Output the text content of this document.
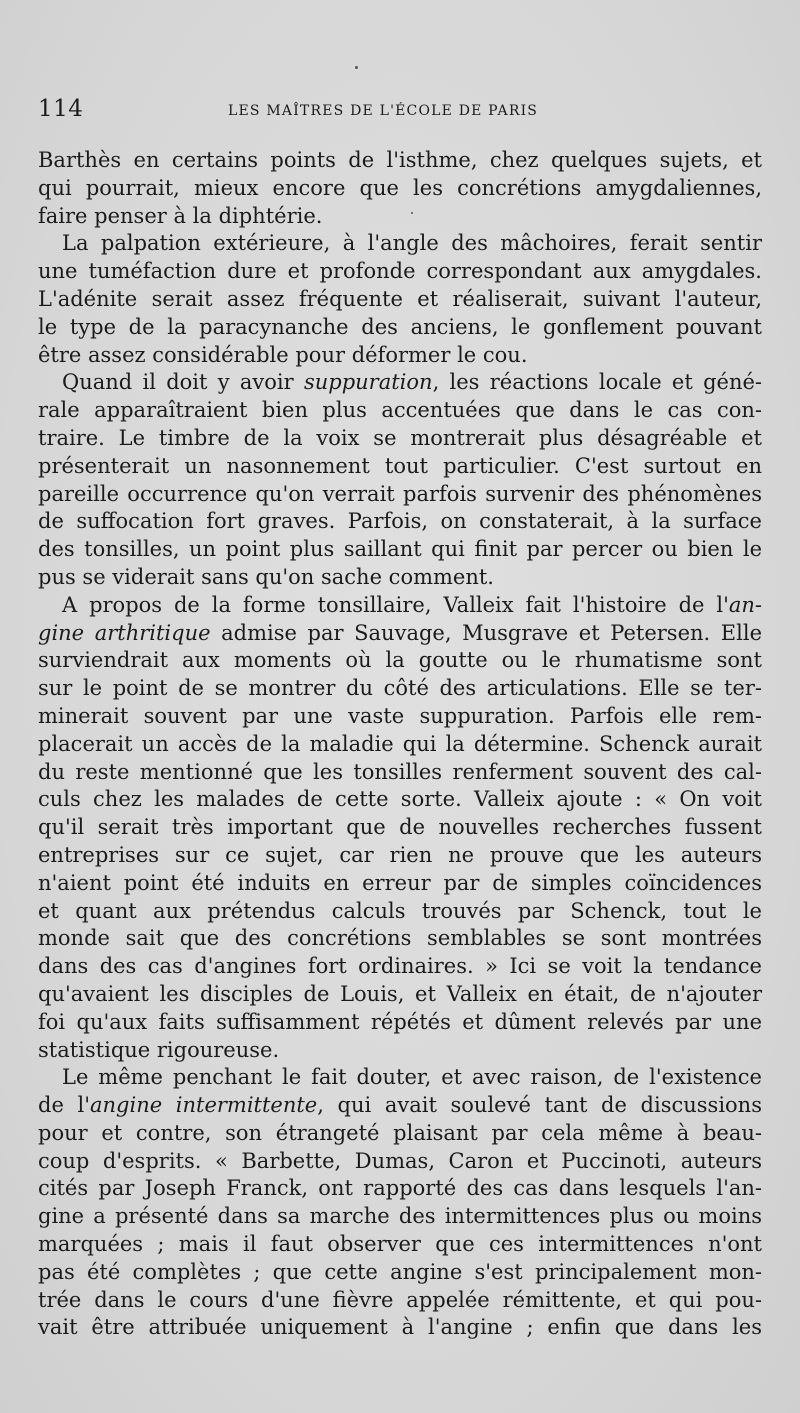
114	LES MAÎTRES DE L'ÉCOLE DE PARIS
Barthès en certains points de l'isthme, chez quelques sujets, et
qui pourrait, mieux encore que les concrétions amygdaliennes,
faire penser à la diphtérie.
La palpation extérieure, à l'angle des mâchoires, ferait sentir
une tuméfaction dure et profonde correspondant aux amygdales.
L'adénite serait assez fréquente et réaliserait, suivant l'auteur,
le type de la paracynanche des anciens, le gonflement pouvant
être assez considérable pour déformer le cou.
Quand il doit y avoir suppuration, les réactions locale et géné-
rale apparaîtraient bien plus accentuées que dans le cas con-
traire. Le timbre de la voix se montrerait plus désagréable et
présenterait un nasonnement tout particulier. C'est surtout en
pareille occurrence qu'on verrait parfois survenir des phénomènes
de suffocation fort graves. Parfois, on constaterait, à la surface
des tonsilles, un point plus saillant qui finit par percer ou bien le
pus se viderait sans qu'on sache comment.
A propos de la forme tonsillaire, Valleix fait l'histoire de l'an-
gine arthritique admise par Sauvage, Musgrave et Petersen. Elle
surviendrait aux moments où la goutte ou le rhumatisme sont
sur le point de se montrer du côté des articulations. Elle se ter-
minerait souvent par une vaste suppuration. Parfois elle rem-
placerait un accès de la maladie qui la détermine. Schenck aurait
du reste mentionné que les tonsilles renferment souvent des cal-
culs chez les malades de cette sorte. Valleix ajoute : « On voit
qu'il serait très important que de nouvelles recherches fussent
entreprises sur ce sujet, car rien ne prouve que les auteurs
n'aient point été induits en erreur par de simples coïncidences
et quant aux prétendus calculs trouvés par Schenck, tout le
monde sait que des concrétions semblables se sont montrées
dans des cas d'angines fort ordinaires. » Ici se voit la tendance
qu'avaient les disciples de Louis, et Valleix en était, de n'ajouter
foi qu'aux faits suffisamment répétés et dûment relevés par une
statistique rigoureuse.
Le même penchant le fait douter, et avec raison, de l'existence
de l'angine intermittente, qui avait soulevé tant de discussions
pour et contre, son étrangeté plaisant par cela même à beau-
coup d'esprits. « Barbette, Dumas, Caron et Puccinoti, auteurs
cités par Joseph Franck, ont rapporté des cas dans lesquels l'an-
gine a présenté dans sa marche des intermittences plus ou moins
marquées ; mais il faut observer que ces intermittences n'ont
pas été complètes ; que cette angine s'est principalement mon-
trée dans le cours d'une fièvre appelée rémittente, et qui pou-
vait être attribuée uniquement à l'angine ; enfin que dans les
